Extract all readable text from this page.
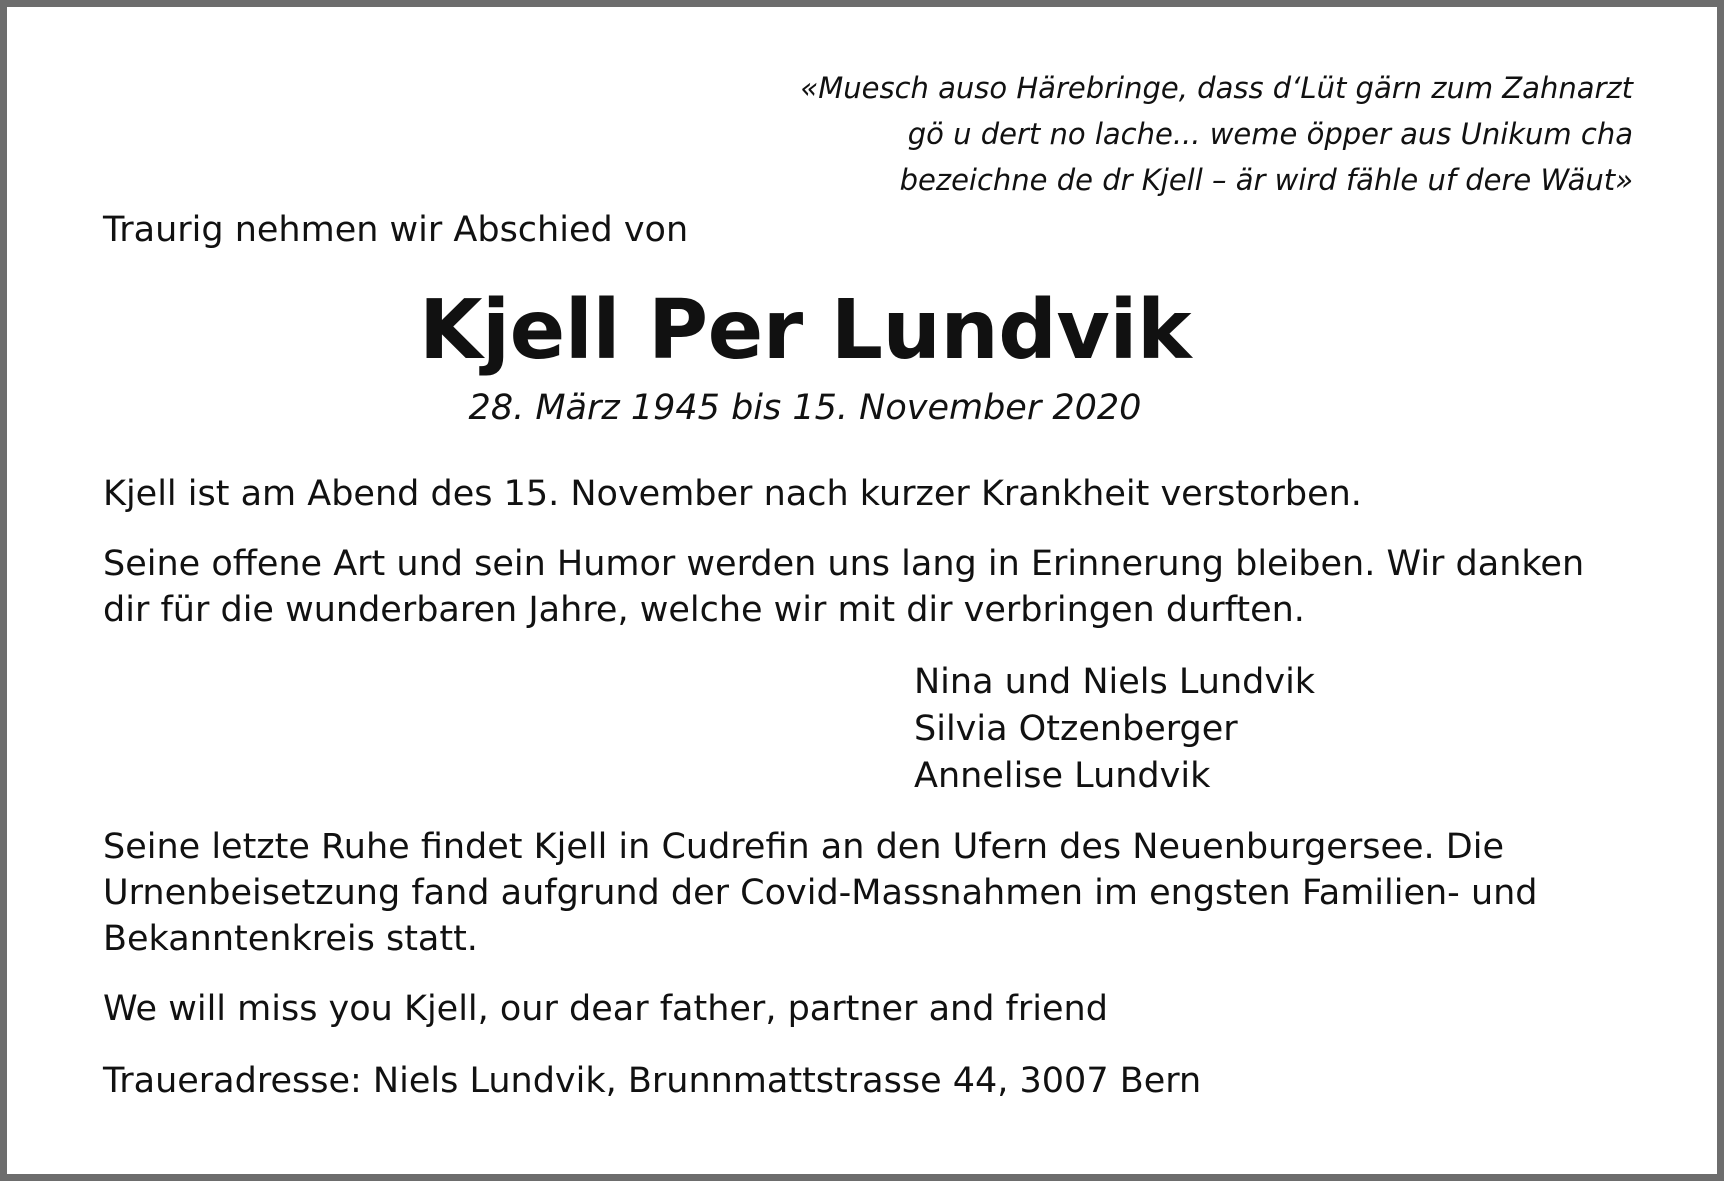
«Muesch auso Härebringe, dass d‘Lüt gärn zum Zahnarzt
gö u dert no lache... weme öpper aus Unikum cha
bezeichne de dr Kjell – är wird fähle uf dere Wäut»

Traurig nehmen wir Abschied von

Kjell Per Lundvik

28. März 1945 bis 15. November 2020

Kjell ist am Abend des 15. November nach kurzer Krankheit verstorben.

Seine offene Art und sein Humor werden uns lang in Erinnerung bleiben. Wir danken
dir für die wunderbaren Jahre, welche wir mit dir verbringen durften.

Nina und Niels Lundvik
Silvia Otzenberger
Annelise Lundvik

Seine letzte Ruhe findet Kjell in Cudrefin an den Ufern des Neuenburgersee. Die
Urnenbeisetzung fand aufgrund der Covid-Massnahmen im engsten Familien- und
Bekanntenkreis statt.

We will miss you Kjell, our dear father, partner and friend

Traueradresse: Niels Lundvik, Brunnmattstrasse 44, 3007 Bern
